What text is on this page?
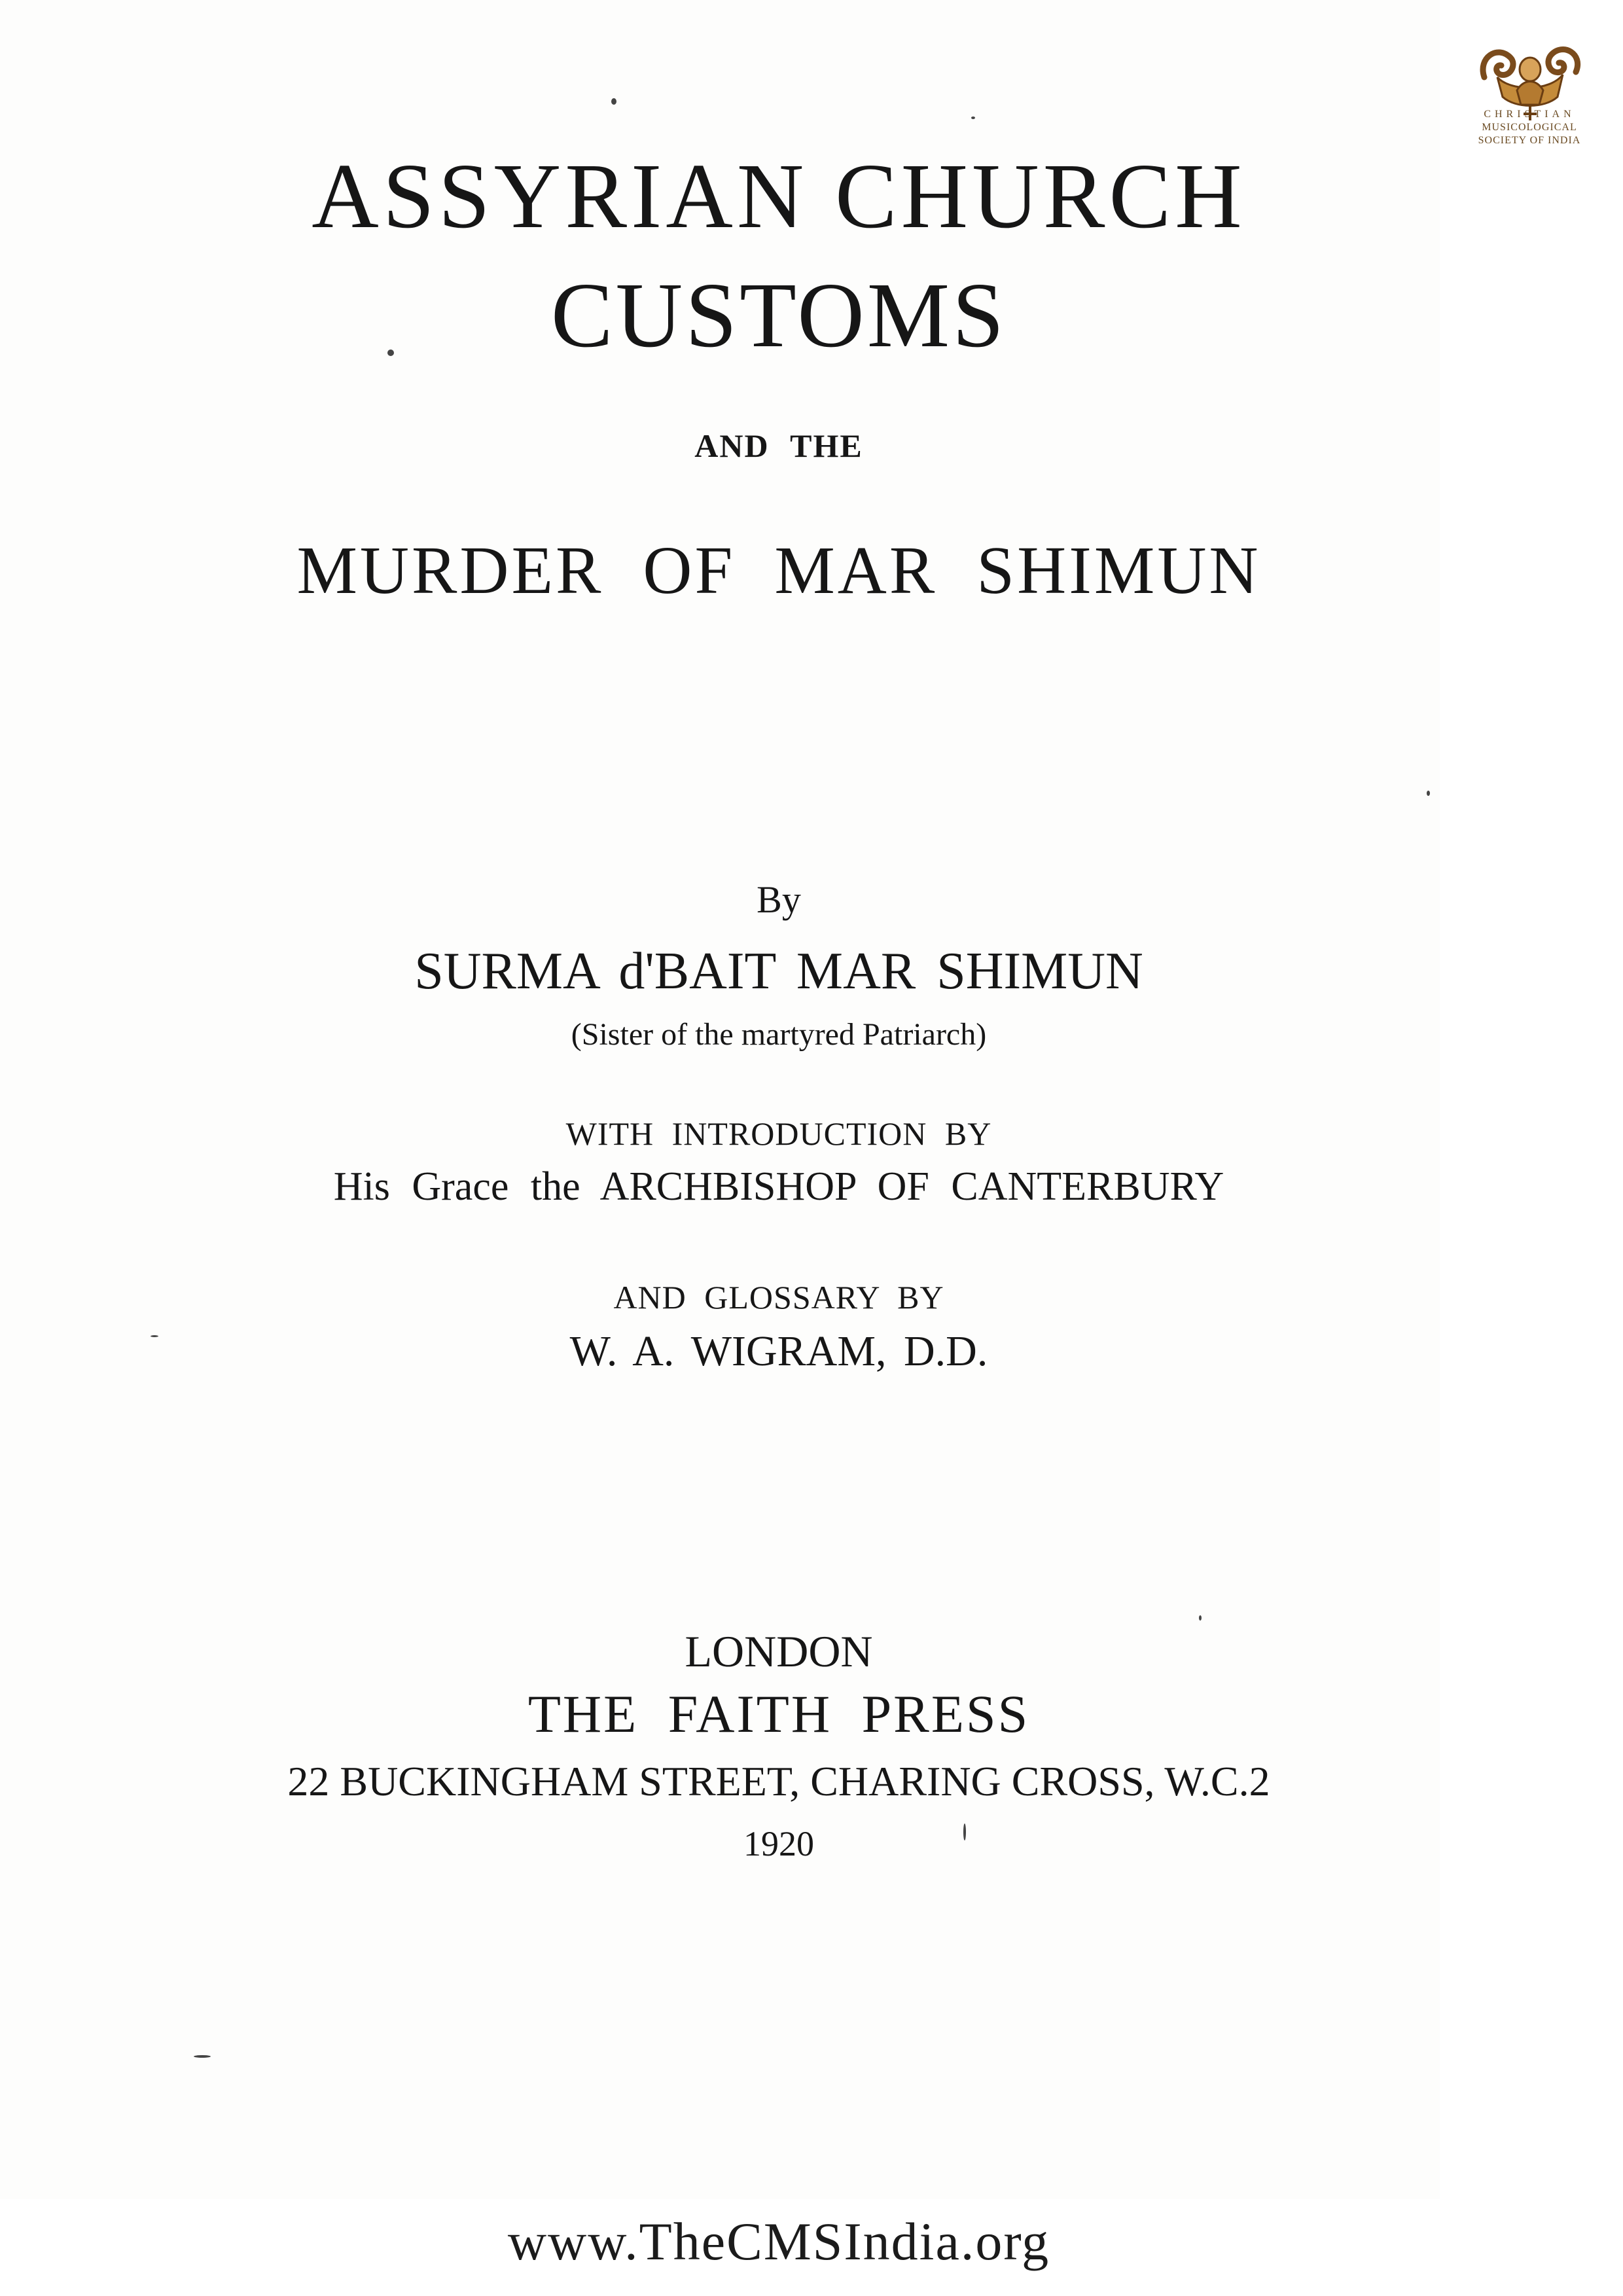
CHRISTIAN
MUSICOLOGICAL
SOCIETY OF INDIA
ASSYRIAN CHURCH
CUSTOMS
AND THE
MURDER OF MAR SHIMUN
By
SURMA d'BAIT MAR SHIMUN
(Sister of the martyred Patriarch)
WITH INTRODUCTION BY
His Grace the ARCHBISHOP OF CANTERBURY
AND GLOSSARY BY
W. A. WIGRAM, D.D.
LONDON
THE FAITH PRESS
22 BUCKINGHAM STREET, CHARING CROSS, W.C.2
1920
www.TheCMSIndia.org
